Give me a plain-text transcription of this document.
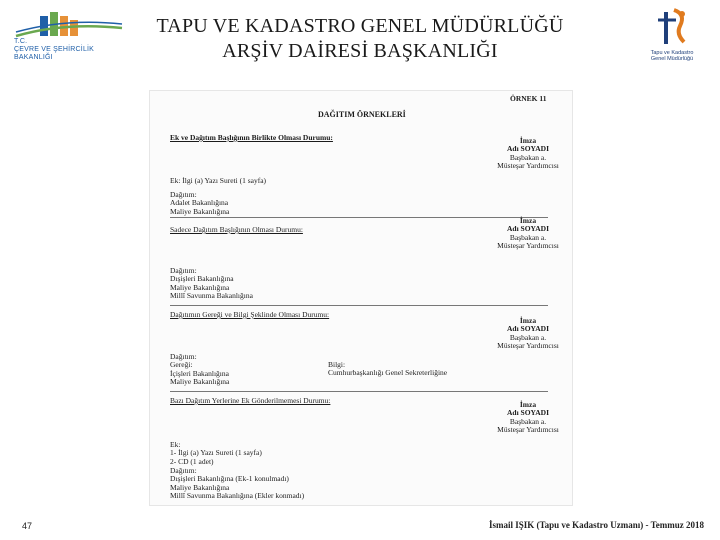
T.C.
ÇEVRE VE ŞEHİRCİLİK
BAKANLIĞI
TAPU VE KADASTRO GENEL MÜDÜRLÜĞÜ
ARŞİV DAİRESİ BAŞKANLIĞI	Tapu ve Kadastro
Genel Müdürlüğü
ÖRNEK 11
DAĞITIM ÖRNEKLERİ
Ek ve Dağıtım Başlığının Birlikte Olması Durumu:	İmza
Adı SOYADI
Başbakan a.
Müsteşar Yardımcısı
Ek: İlgi (a) Yazı Sureti (1 sayfa)
Dağıtım:
Adalet Bakanlığına
Maliye Bakanlığına
Sadece Dağıtım Başlığının Olması Durumu:
İmza
Adı SOYADI
Başbakan a.
Müsteşar Yardımcısı
Dağıtım:
Dışişleri Bakanlığına
Maliye Bakanlığına
Millî Savunma Bakanlığına
Dağıtımın Gereği ve Bilgi Şeklinde Olması Durumu:
İmza
Adı SOYADI
Başbakan a.
Müsteşar Yardımcısı
Dağıtım:
Gereği:
İçişleri Bakanlığına
Maliye Bakanlığına
Bilgi:
Cumhurbaşkanlığı Genel Sekreterliğine
Bazı Dağıtım Yerlerine Ek Gönderilmemesi Durumu:	İmza
Adı SOYADI
Başbakan a.
Müsteşar Yardımcısı
Ek:
1- İlgi (a) Yazı Sureti (1 sayfa)
2- CD (1 adet)
Dağıtım:
Dışişleri Bakanlığına (Ek-1 konulmadı)
Maliye Bakanlığına
Millî Savunma Bakanlığına (Ekler konmadı)
47	İsmail IŞIK (Tapu ve Kadastro Uzmanı) - Temmuz 2018
